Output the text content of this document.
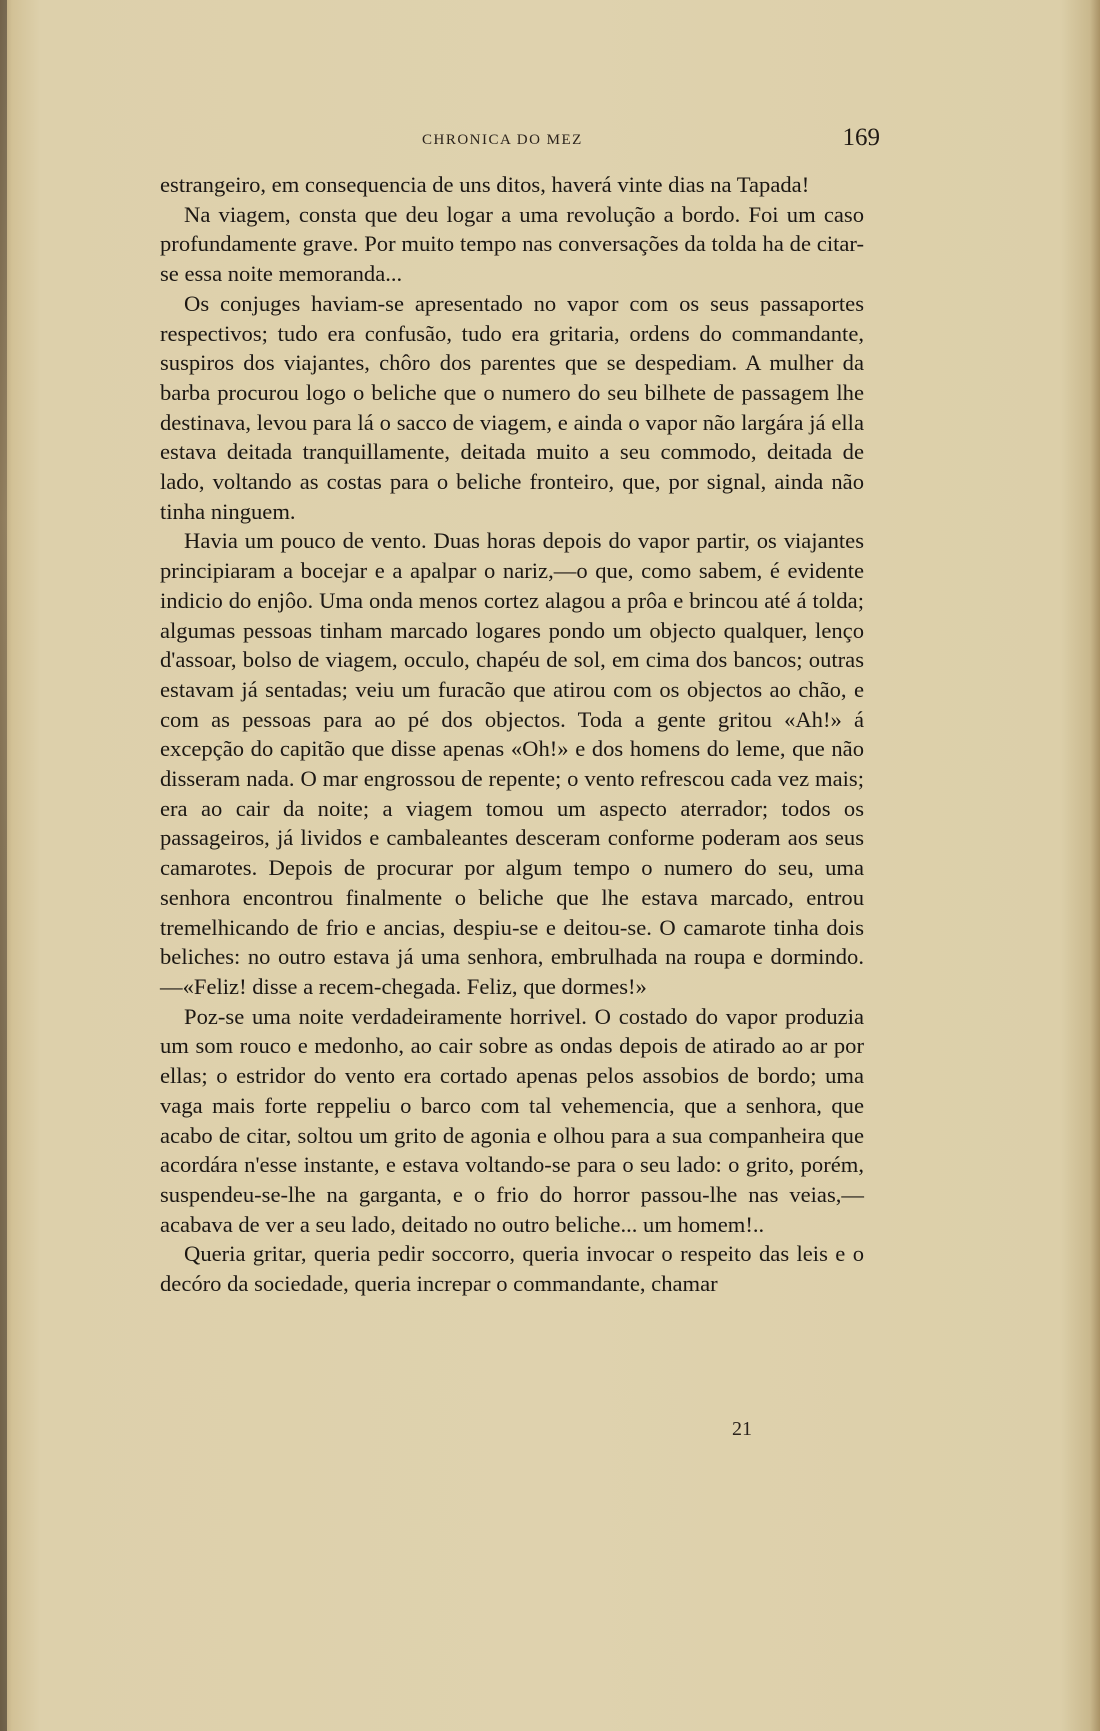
CHRONICA DO MEZ	169

estrangeiro, em consequencia de uns ditos, haverá vinte dias na Tapada!

Na viagem, consta que deu logar a uma revolução a bordo. Foi um caso profundamente grave. Por muito tempo nas conversações da tolda ha de citar-se essa noite memoranda...

Os conjuges haviam-se apresentado no vapor com os seus passaportes respectivos; tudo era confusão, tudo era gritaria, ordens do commandante, suspiros dos viajantes, chôro dos parentes que se despediam. A mulher da barba procurou logo o beliche que o numero do seu bilhete de passagem lhe destinava, levou para lá o sacco de viagem, e ainda o vapor não largára já ella estava deitada tranquillamente, deitada muito a seu commodo, deitada de lado, voltando as costas para o beliche fronteiro, que, por signal, ainda não tinha ninguem.

Havia um pouco de vento. Duas horas depois do vapor partir, os viajantes principiaram a bocejar e a apalpar o nariz,—o que, como sabem, é evidente indicio do enjôo. Uma onda menos cortez alagou a prôa e brincou até á tolda; algumas pessoas tinham marcado logares pondo um objecto qualquer, lenço d'assoar, bolso de viagem, occulo, chapéu de sol, em cima dos bancos; outras estavam já sentadas; veiu um furacão que atirou com os objectos ao chão, e com as pessoas para ao pé dos objectos. Toda a gente gritou «Ah!» á excepção do capitão que disse apenas «Oh!» e dos homens do leme, que não disseram nada. O mar engrossou de repente; o vento refrescou cada vez mais; era ao cair da noite; a viagem tomou um aspecto aterrador; todos os passageiros, já lividos e cambaleantes desceram conforme poderam aos seus camarotes. Depois de procurar por algum tempo o numero do seu, uma senhora encontrou finalmente o beliche que lhe estava marcado, entrou tremelhicando de frio e ancias, despiu-se e deitou-se. O camarote tinha dois beliches: no outro estava já uma senhora, embrulhada na roupa e dormindo.—«Feliz! disse a recem-chegada. Feliz, que dormes!»

Poz-se uma noite verdadeiramente horrivel. O costado do vapor produzia um som rouco e medonho, ao cair sobre as ondas depois de atirado ao ar por ellas; o estridor do vento era cortado apenas pelos assobios de bordo; uma vaga mais forte reppeliu o barco com tal vehemencia, que a senhora, que acabo de citar, soltou um grito de agonia e olhou para a sua companheira que acordára n'esse instante, e estava voltando-se para o seu lado: o grito, porém, suspendeu-se-lhe na garganta, e o frio do horror passou-lhe nas veias,—acabava de ver a seu lado, deitado no outro beliche... um homem!..

Queria gritar, queria pedir soccorro, queria invocar o respeito das leis e o decóro da sociedade, queria increpar o commandante, chamar

21
